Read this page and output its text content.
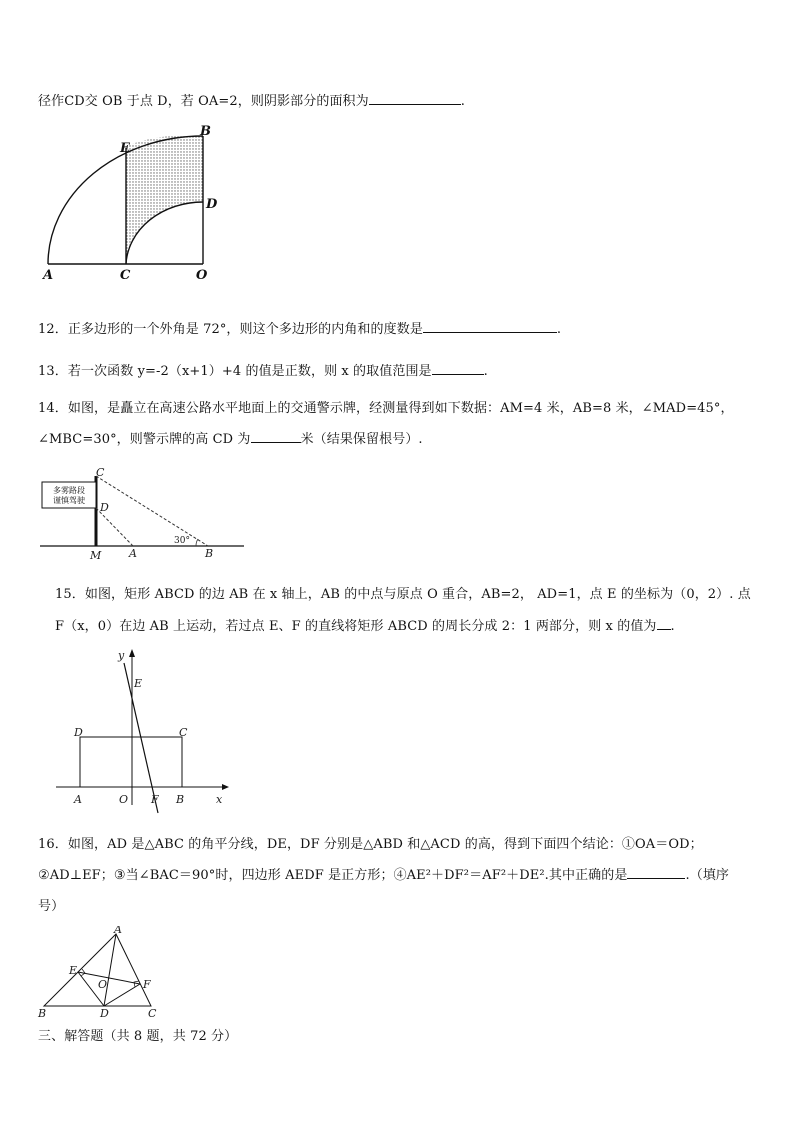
径作CD交 OB 于点 D，若 OA=2，则阴影部分的面积为	.
E
B
D
A	C	O
12．正多边形的一个外角是 72°，则这个多边形的内角和的度数是	.
13．若一次函数 y=-2（x+1）+4 的值是正数，则 x 的取值范围是	.
14．如图，是矗立在高速公路水平地面上的交通警示牌，经测量得到如下数据：AM=4 米，AB=8 米，∠MAD=45°，
∠MBC=30°，则警示牌的高 CD 为	米（结果保留根号）.
多雾路段
谨慎驾驶
C
D
M	A	B
30°
15．如图，矩形 ABCD 的边 AB 在 x 轴上，AB 的中点与原点 O 重合，AB=2， AD=1，点 E 的坐标为（0，2）. 点
F（x，0）在边 AB 上运动，若过点 E、F 的直线将矩形 ABCD 的周长分成 2：1 两部分，则 x 的值为 .
y
x
E
D	C
A	O F B
16．如图，AD 是△ABC 的角平分线，DE，DF 分别是△ABD 和△ACD 的高，得到下面四个结论：①OA＝OD；
②AD⊥EF；③当∠BAC＝90°时，四边形 AEDF 是正方形；④AE²＋DF²＝AF²＋DE².其中正确的是	.（填序
号）
A
E
F
O
B	D	C
三、解答题（共 8 题，共 72 分）
